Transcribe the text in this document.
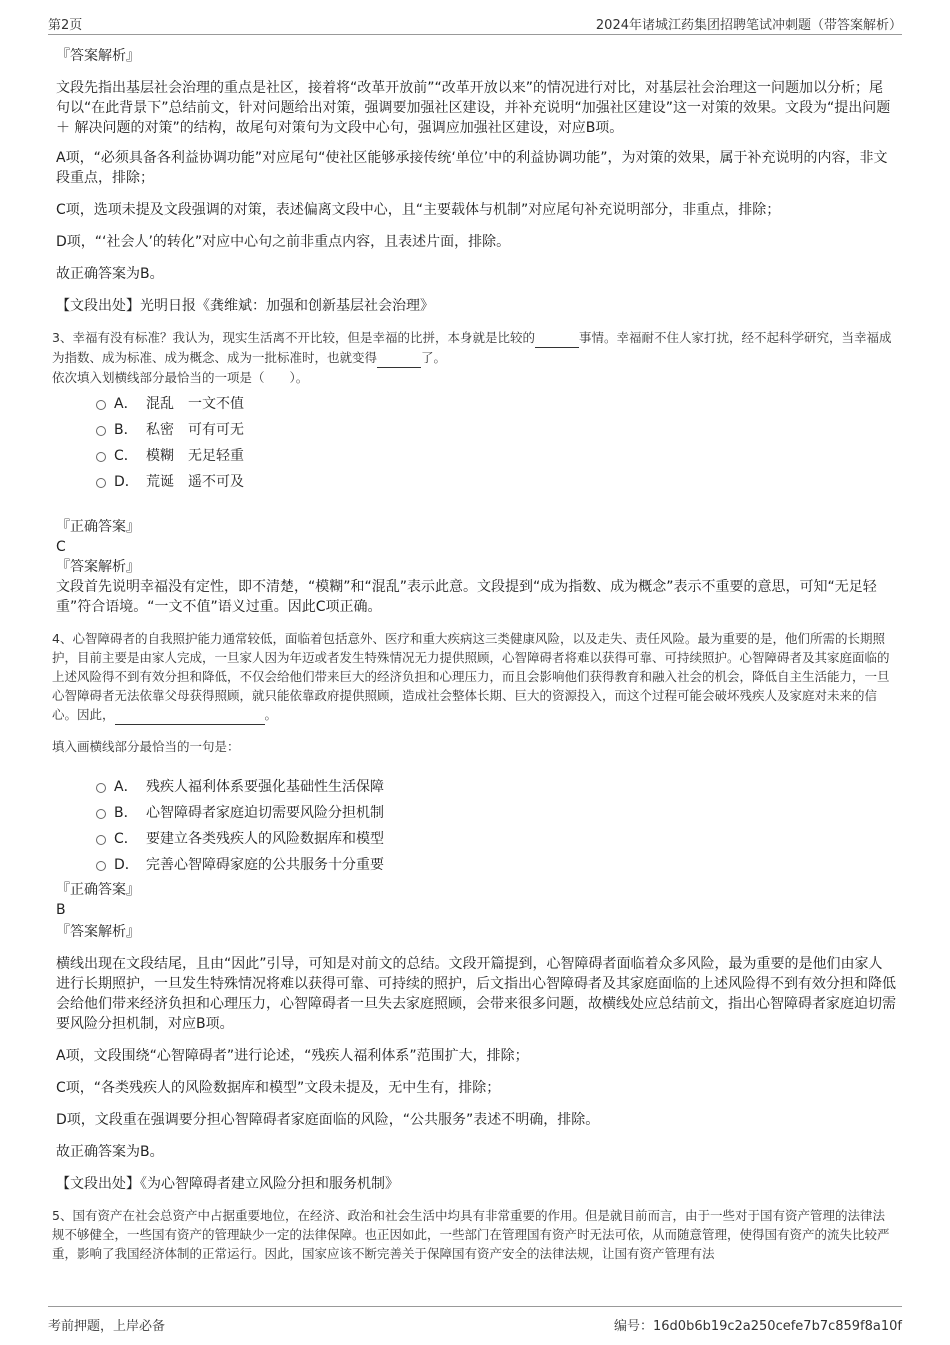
第2页	2024年诸城江药集团招聘笔试冲刺题（带答案解析）

『答案解析』

文段先指出基层社会治理的重点是社区，接着将“改革开放前”“改革开放以来”的情况进行对比，对基层社会治理这一问题加以分析；尾句以“在此背景下”总结前文，针对问题给出对策，强调要加强社区建设，并补充说明“加强社区建设”这一对策的效果。文段为“提出问题 ＋ 解决问题的对策”的结构，故尾句对策句为文段中心句，强调应加强社区建设，对应B项。

A项，“必须具备各利益协调功能”对应尾句“使社区能够承接传统‘单位’中的利益协调功能”，为对策的效果，属于补充说明的内容，非文段重点，排除；

C项，选项未提及文段强调的对策，表述偏离文段中心，且“主要载体与机制”对应尾句补充说明部分，非重点，排除；

D项，“‘社会人’的转化”对应中心句之前非重点内容，且表述片面，排除。

故正确答案为B。

【文段出处】光明日报《龚维斌：加强和创新基层社会治理》

3、幸福有没有标准？我认为，现实生活离不开比较，但是幸福的比拼，本身就是比较的	事情。幸福耐不住人家打扰，经不起科学研究，当幸福成为指数、成为标准、成为概念、成为一批标准时，也就变得	了。

依次填入划横线部分最恰当的一项是（　　）。

A． 混乱　一文不值
B． 私密　可有可无
C． 模糊　无足轻重
D． 荒诞　遥不可及

『正确答案』

C

『答案解析』

文段首先说明幸福没有定性，即不清楚，“模糊”和“混乱”表示此意。文段提到“成为指数、成为概念”表示不重要的意思，可知“无足轻重”符合语境。“一文不值”语义过重。因此C项正确。

4、心智障碍者的自我照护能力通常较低，面临着包括意外、医疗和重大疾病这三类健康风险，以及走失、责任风险。最为重要的是，他们所需的长期照护，目前主要是由家人完成，一旦家人因为年迈或者发生特殊情况无力提供照顾，心智障碍者将难以获得可靠、可持续照护。心智障碍者及其家庭面临的上述风险得不到有效分担和降低，不仅会给他们带来巨大的经济负担和心理压力，而且会影响他们获得教育和融入社会的机会，降低自主生活能力，一旦心智障碍者无法依靠父母获得照顾，就只能依靠政府提供照顾，造成社会整体长期、巨大的资源投入，而这个过程可能会破坏残疾人及家庭对未来的信心。因此，	。

填入画横线部分最恰当的一句是：

A． 残疾人福利体系要强化基础性生活保障
B． 心智障碍者家庭迫切需要风险分担机制
C． 要建立各类残疾人的风险数据库和模型
D． 完善心智障碍家庭的公共服务十分重要

『正确答案』

B

『答案解析』

横线出现在文段结尾，且由“因此”引导，可知是对前文的总结。文段开篇提到，心智障碍者面临着众多风险，最为重要的是他们由家人进行长期照护，一旦发生特殊情况将难以获得可靠、可持续的照护，后文指出心智障碍者及其家庭面临的上述风险得不到有效分担和降低会给他们带来经济负担和心理压力，心智障碍者一旦失去家庭照顾，会带来很多问题，故横线处应总结前文，指出心智障碍者家庭迫切需要风险分担机制，对应B项。

A项，文段围绕“心智障碍者”进行论述，“残疾人福利体系”范围扩大，排除；

C项，“各类残疾人的风险数据库和模型”文段未提及，无中生有，排除；

D项，文段重在强调要分担心智障碍者家庭面临的风险，“公共服务”表述不明确，排除。

故正确答案为B。

【文段出处】《为心智障碍者建立风险分担和服务机制》

5、国有资产在社会总资产中占据重要地位，在经济、政治和社会生活中均具有非常重要的作用。但是就目前而言，由于一些对于国有资产管理的法律法规不够健全，一些国有资产的管理缺少一定的法律保障。也正因如此，一些部门在管理国有资产时无法可依，从而随意管理，使得国有资产的流失比较严重，影响了我国经济体制的正常运行。因此，国家应该不断完善关于保障国有资产安全的法律法规，让国有资产管理有法

考前押题，上岸必备	编号：16d0b6b19c2a250cefe7b7c859f8a10f
